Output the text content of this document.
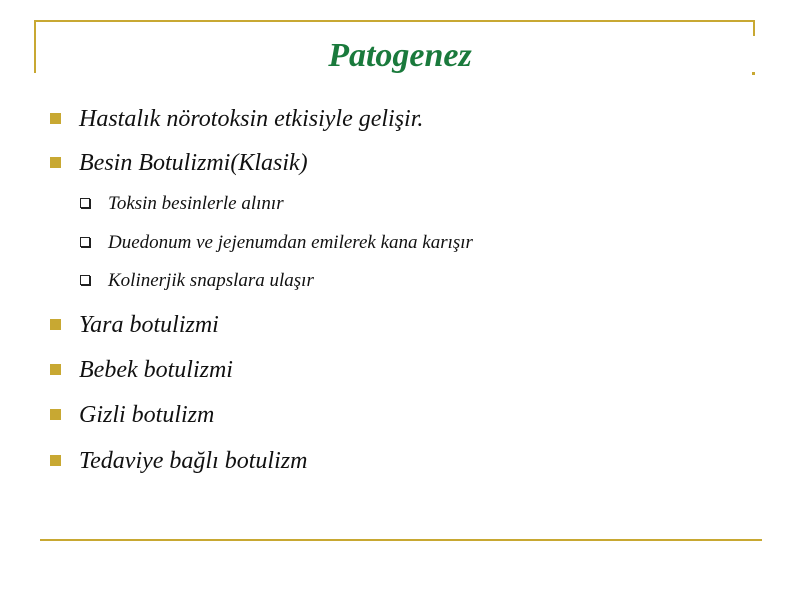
Patogenez
Hastalık nörotoksin etkisiyle gelişir.
Besin Botulizmi(Klasik)
Toksin besinlerle alınır
Duedonum ve jejenumdan emilerek kana karışır
Kolinerjik snapslara ulaşır
Yara botulizmi
Bebek botulizmi
Gizli botulizm
Tedaviye bağlı botulizm
